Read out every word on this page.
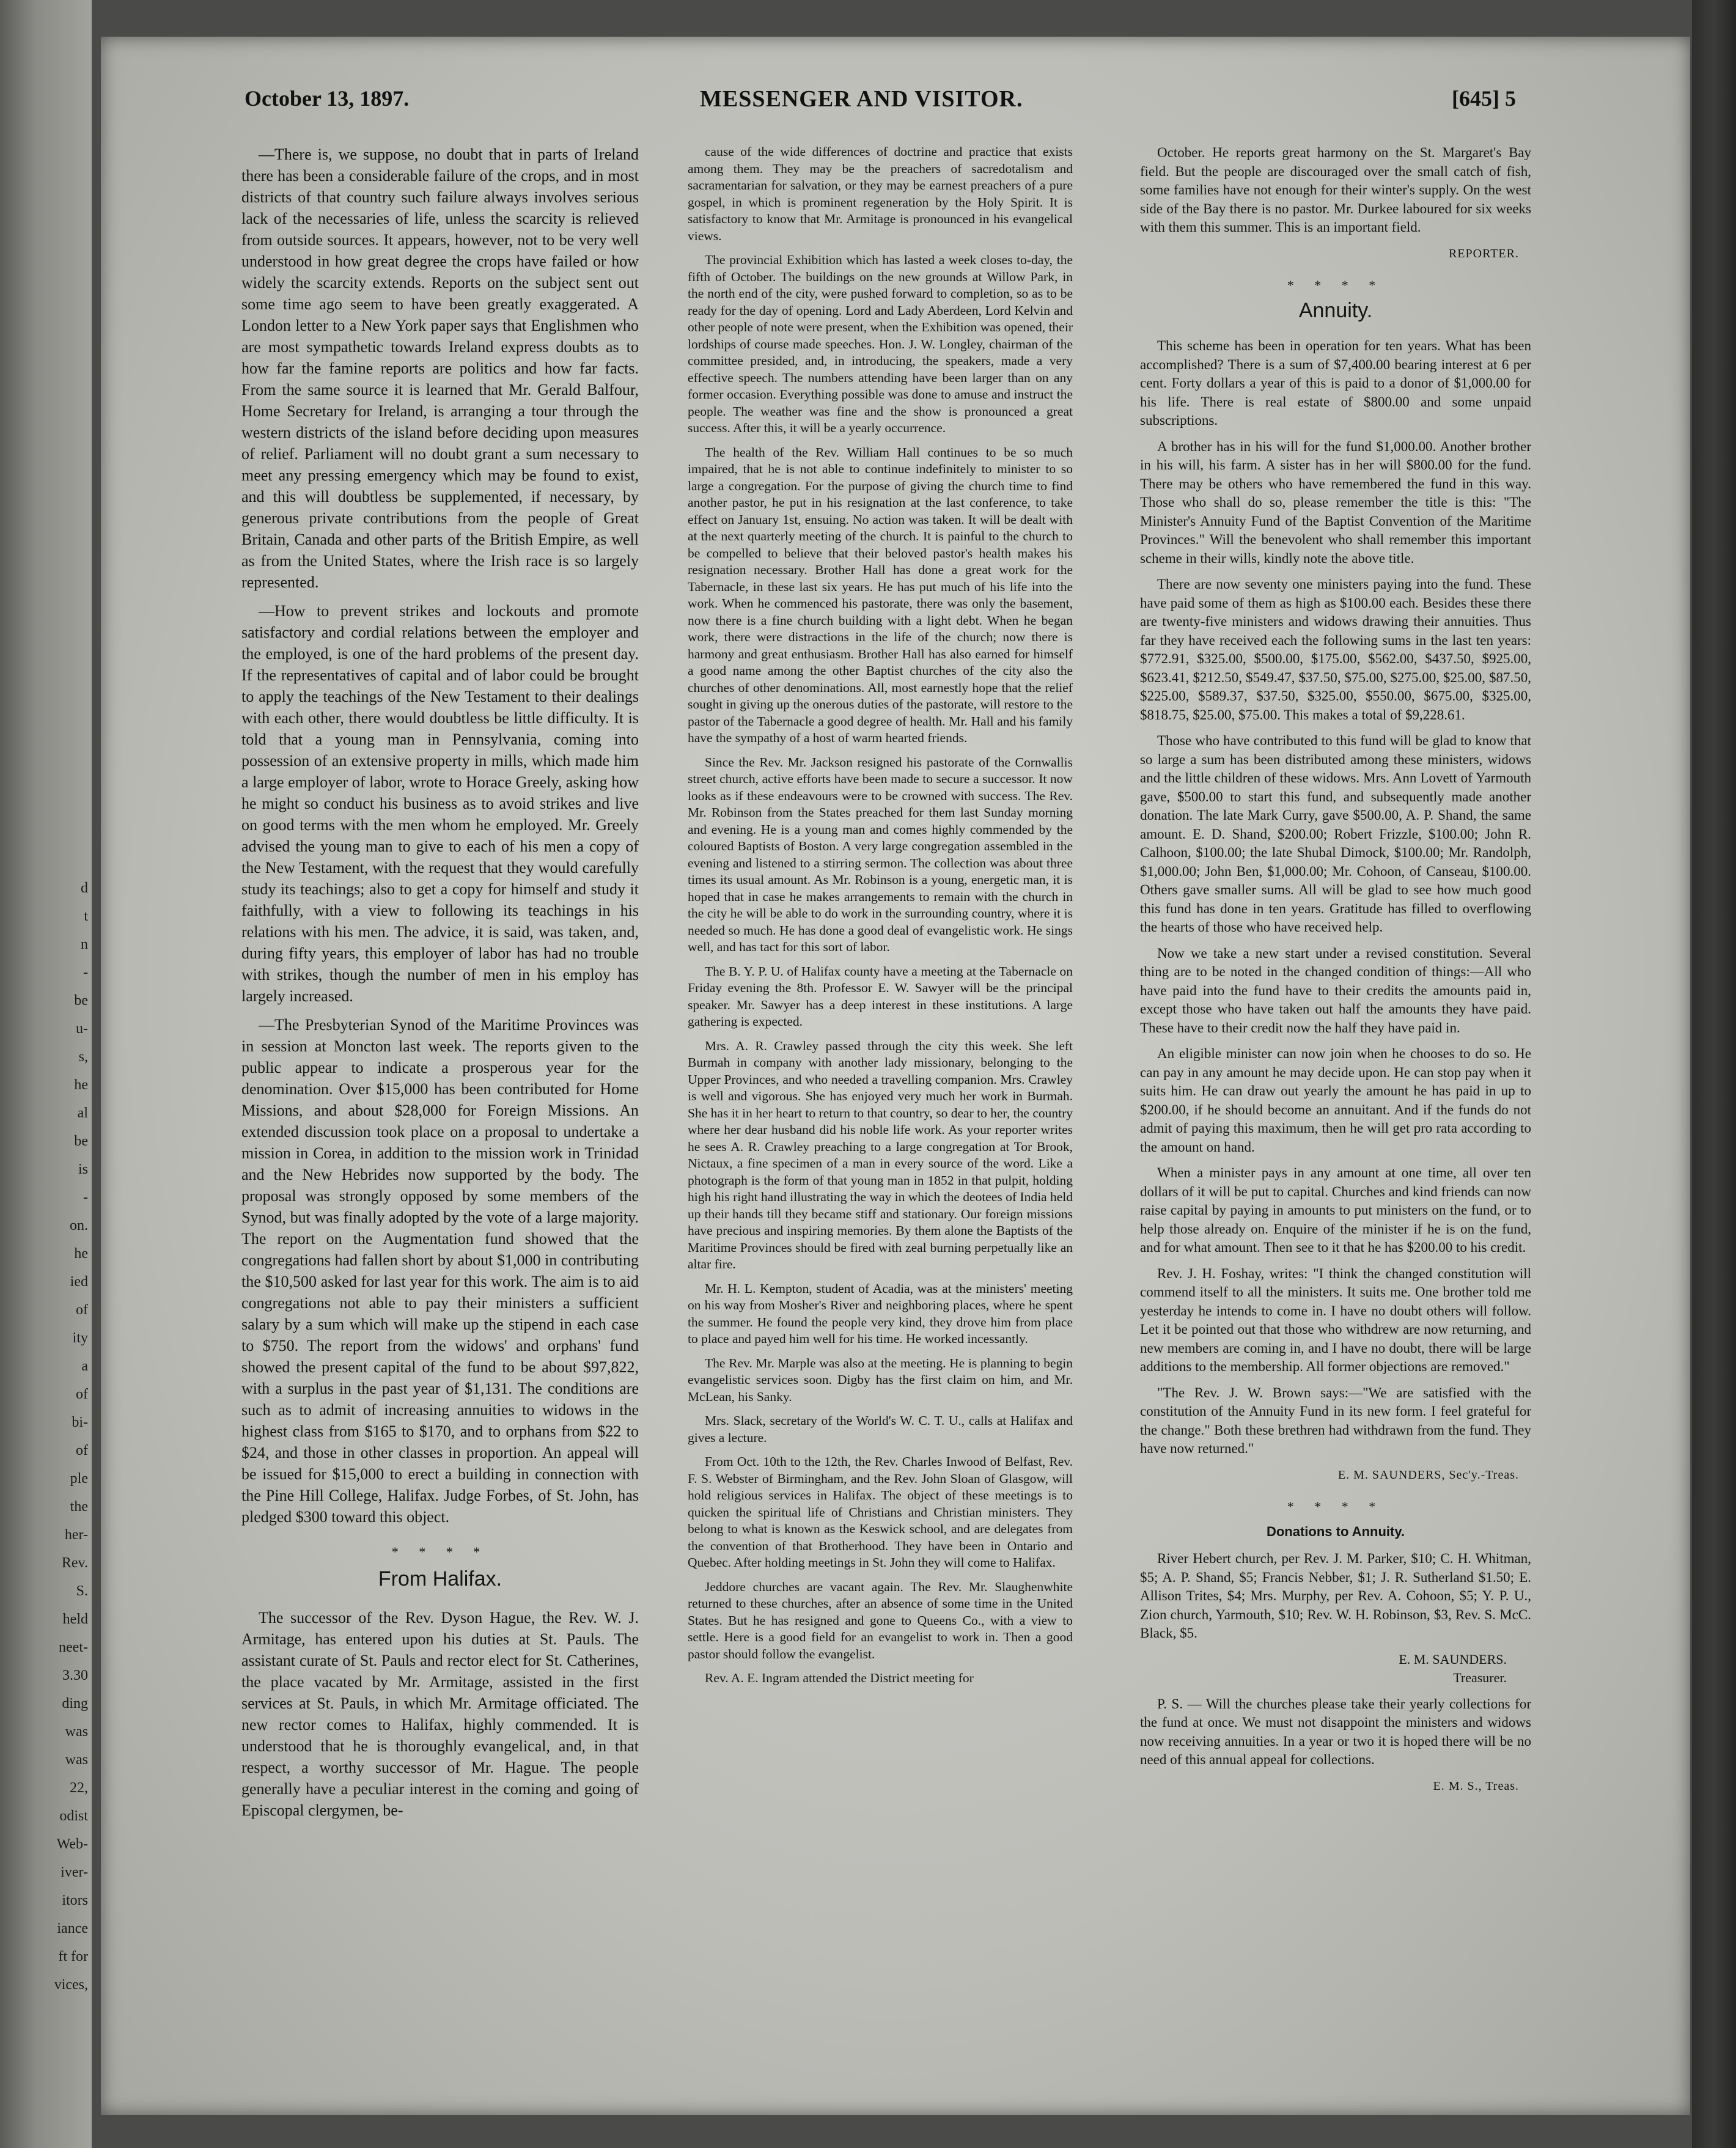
d
t
n
-
be
u-
s,
he
al
be
is
-
on.
he
ied
of
ity
a
of
bi-
of
ple
the
her-
Rev.
S.
held
neet-
3.30
ding
was
was
22,
odist
Web-
iver-
itors
iance
ft for
vices,
October 13, 1897.	MESSENGER AND VISITOR.	[645] 5

—There is, we suppose, no doubt that in parts of Ireland there has been a considerable failure of the crops, and in most districts of that country such failure always involves serious lack of the necessaries of life, unless the scarcity is relieved from outside sources. It appears, however, not to be very well understood in how great degree the crops have failed or how widely the scarcity extends. Reports on the subject sent out some time ago seem to have been greatly exaggerated. A London letter to a New York paper says that Englishmen who are most sympathetic towards Ireland express doubts as to how far the famine reports are politics and how far facts. From the same source it is learned that Mr. Gerald Balfour, Home Secretary for Ireland, is arranging a tour through the western districts of the island before deciding upon measures of relief. Parliament will no doubt grant a sum necessary to meet any pressing emergency which may be found to exist, and this will doubtless be supplemented, if necessary, by generous private contributions from the people of Great Britain, Canada and other parts of the British Empire, as well as from the United States, where the Irish race is so largely represented.

—How to prevent strikes and lockouts and promote satisfactory and cordial relations between the employer and the employed, is one of the hard problems of the present day. If the representatives of capital and of labor could be brought to apply the teachings of the New Testament to their dealings with each other, there would doubtless be little difficulty. It is told that a young man in Pennsylvania, coming into possession of an extensive property in mills, which made him a large employer of labor, wrote to Horace Greely, asking how he might so conduct his business as to avoid strikes and live on good terms with the men whom he employed. Mr. Greely advised the young man to give to each of his men a copy of the New Testament, with the request that they would carefully study its teachings; also to get a copy for himself and study it faithfully, with a view to following its teachings in his relations with his men. The advice, it is said, was taken, and, during fifty years, this employer of labor has had no trouble with strikes, though the number of men in his employ has largely increased.

—The Presbyterian Synod of the Maritime Provinces was in session at Moncton last week. The reports given to the public appear to indicate a prosperous year for the denomination. Over $15,000 has been contributed for Home Missions, and about $28,000 for Foreign Missions. An extended discussion took place on a proposal to undertake a mission in Corea, in addition to the mission work in Trinidad and the New Hebrides now supported by the body. The proposal was strongly opposed by some members of the Synod, but was finally adopted by the vote of a large majority. The report on the Augmentation fund showed that the congregations had fallen short by about $1,000 in contributing the $10,500 asked for last year for this work. The aim is to aid congregations not able to pay their ministers a sufficient salary by a sum which will make up the stipend in each case to $750. The report from the widows' and orphans' fund showed the present capital of the fund to be about $97,822, with a surplus in the past year of $1,131. The conditions are such as to admit of increasing annuities to widows in the highest class from $165 to $170, and to orphans from $22 to $24, and those in other classes in proportion. An appeal will be issued for $15,000 to erect a building in connection with the Pine Hill College, Halifax. Judge Forbes, of St. John, has pledged $300 toward this object.

* * * *
From Halifax.

The successor of the Rev. Dyson Hague, the Rev. W. J. Armitage, has entered upon his duties at St. Pauls. The assistant curate of St. Pauls and rector elect for St. Catherines, the place vacated by Mr. Armitage, assisted in the first services at St. Pauls, in which Mr. Armitage officiated. The new rector comes to Halifax, highly commended. It is understood that he is thoroughly evangelical, and, in that respect, a worthy successor of Mr. Hague. The people generally have a peculiar interest in the coming and going of Episcopal clergymen, be-

cause of the wide differences of doctrine and practice that exists among them. They may be the preachers of sacredotalism and sacramentarian for salvation, or they may be earnest preachers of a pure gospel, in which is prominent regeneration by the Holy Spirit. It is satisfactory to know that Mr. Armitage is pronounced in his evangelical views.

The provincial Exhibition which has lasted a week closes to-day, the fifth of October. The buildings on the new grounds at Willow Park, in the north end of the city, were pushed forward to completion, so as to be ready for the day of opening. Lord and Lady Aberdeen, Lord Kelvin and other people of note were present, when the Exhibition was opened, their lordships of course made speeches. Hon. J. W. Longley, chairman of the committee presided, and, in introducing, the speakers, made a very effective speech. The numbers attending have been larger than on any former occasion. Everything possible was done to amuse and instruct the people. The weather was fine and the show is pronounced a great success. After this, it will be a yearly occurrence.

The health of the Rev. William Hall continues to be so much impaired, that he is not able to continue indefinitely to minister to so large a congregation. For the purpose of giving the church time to find another pastor, he put in his resignation at the last conference, to take effect on January 1st, ensuing. No action was taken. It will be dealt with at the next quarterly meeting of the church. It is painful to the church to be compelled to believe that their beloved pastor's health makes his resignation necessary. Brother Hall has done a great work for the Tabernacle, in these last six years. He has put much of his life into the work. When he commenced his pastorate, there was only the basement, now there is a fine church building with a light debt. When he began work, there were distractions in the life of the church; now there is harmony and great enthusiasm. Brother Hall has also earned for himself a good name among the other Baptist churches of the city also the churches of other denominations. All, most earnestly hope that the relief sought in giving up the onerous duties of the pastorate, will restore to the pastor of the Tabernacle a good degree of health. Mr. Hall and his family have the sympathy of a host of warm hearted friends.

Since the Rev. Mr. Jackson resigned his pastorate of the Cornwallis street church, active efforts have been made to secure a successor. It now looks as if these endeavours were to be crowned with success. The Rev. Mr. Robinson from the States preached for them last Sunday morning and evening. He is a young man and comes highly commended by the coloured Baptists of Boston. A very large congregation assembled in the evening and listened to a stirring sermon. The collection was about three times its usual amount. As Mr. Robinson is a young, energetic man, it is hoped that in case he makes arrangements to remain with the church in the city he will be able to do work in the surrounding country, where it is needed so much. He has done a good deal of evangelistic work. He sings well, and has tact for this sort of labor.

The B. Y. P. U. of Halifax county have a meeting at the Tabernacle on Friday evening the 8th. Professor E. W. Sawyer will be the principal speaker. Mr. Sawyer has a deep interest in these institutions. A large gathering is expected.

Mrs. A. R. Crawley passed through the city this week. She left Burmah in company with another lady missionary, belonging to the Upper Provinces, and who needed a travelling companion. Mrs. Crawley is well and vigorous. She has enjoyed very much her work in Burmah. She has it in her heart to return to that country, so dear to her, the country where her dear husband did his noble life work. As your reporter writes he sees A. R. Crawley preaching to a large congregation at Tor Brook, Nictaux, a fine specimen of a man in every source of the word. Like a photograph is the form of that young man in 1852 in that pulpit, holding high his right hand illustrating the way in which the deotees of India held up their hands till they became stiff and stationary. Our foreign missions have precious and inspiring memories. By them alone the Baptists of the Maritime Provinces should be fired with zeal burning perpetually like an altar fire.

Mr. H. L. Kempton, student of Acadia, was at the ministers' meeting on his way from Mosher's River and neighboring places, where he spent the summer. He found the people very kind, they drove him from place to place and payed him well for his time. He worked incessantly.

The Rev. Mr. Marple was also at the meeting. He is planning to begin evangelistic services soon. Digby has the first claim on him, and Mr. McLean, his Sanky.

Mrs. Slack, secretary of the World's W. C. T. U., calls at Halifax and gives a lecture.

From Oct. 10th to the 12th, the Rev. Charles Inwood of Belfast, Rev. F. S. Webster of Birmingham, and the Rev. John Sloan of Glasgow, will hold religious services in Halifax. The object of these meetings is to quicken the spiritual life of Christians and Christian ministers. They belong to what is known as the Keswick school, and are delegates from the convention of that Brotherhood. They have been in Ontario and Quebec. After holding meetings in St. John they will come to Halifax.

Jeddore churches are vacant again. The Rev. Mr. Slaughenwhite returned to these churches, after an absence of some time in the United States. But he has resigned and gone to Queens Co., with a view to settle. Here is a good field for an evangelist to work in. Then a good pastor should follow the evangelist.

Rev. A. E. Ingram attended the District meeting for

October. He reports great harmony on the St. Margaret's Bay field. But the people are discouraged over the small catch of fish, some families have not enough for their winter's supply. On the west side of the Bay there is no pastor. Mr. Durkee laboured for six weeks with them this summer. This is an important field.

REPORTER.
* * * *
Annuity.

This scheme has been in operation for ten years. What has been accomplished? There is a sum of $7,400.00 bearing interest at 6 per cent. Forty dollars a year of this is paid to a donor of $1,000.00 for his life. There is real estate of $800.00 and some unpaid subscriptions.

A brother has in his will for the fund $1,000.00. Another brother in his will, his farm. A sister has in her will $800.00 for the fund. There may be others who have remembered the fund in this way. Those who shall do so, please remember the title is this: "The Minister's Annuity Fund of the Baptist Convention of the Maritime Provinces." Will the benevolent who shall remember this important scheme in their wills, kindly note the above title.

There are now seventy one ministers paying into the fund. These have paid some of them as high as $100.00 each. Besides these there are twenty-five ministers and widows drawing their annuities. Thus far they have received each the following sums in the last ten years: $772.91, $325.00, $500.00, $175.00, $562.00, $437.50, $925.00, $623.41, $212.50, $549.47, $37.50, $75.00, $275.00, $25.00, $87.50, $225.00, $589.37, $37.50, $325.00, $550.00, $675.00, $325.00, $818.75, $25.00, $75.00. This makes a total of $9,228.61.

Those who have contributed to this fund will be glad to know that so large a sum has been distributed among these ministers, widows and the little children of these widows. Mrs. Ann Lovett of Yarmouth gave, $500.00 to start this fund, and subsequently made another donation. The late Mark Curry, gave $500.00, A. P. Shand, the same amount. E. D. Shand, $200.00; Robert Frizzle, $100.00; John R. Calhoon, $100.00; the late Shubal Dimock, $100.00; Mr. Randolph, $1,000.00; John Ben, $1,000.00; Mr. Cohoon, of Canseau, $100.00. Others gave smaller sums. All will be glad to see how much good this fund has done in ten years. Gratitude has filled to overflowing the hearts of those who have received help.

Now we take a new start under a revised constitution. Several thing are to be noted in the changed condition of things:—All who have paid into the fund have to their credits the amounts paid in, except those who have taken out half the amounts they have paid. These have to their credit now the half they have paid in.

An eligible minister can now join when he chooses to do so. He can pay in any amount he may decide upon. He can stop pay when it suits him. He can draw out yearly the amount he has paid in up to $200.00, if he should become an annuitant. And if the funds do not admit of paying this maximum, then he will get pro rata according to the amount on hand.

When a minister pays in any amount at one time, all over ten dollars of it will be put to capital. Churches and kind friends can now raise capital by paying in amounts to put ministers on the fund, or to help those already on. Enquire of the minister if he is on the fund, and for what amount. Then see to it that he has $200.00 to his credit.

Rev. J. H. Foshay, writes: "I think the changed constitution will commend itself to all the ministers. It suits me. One brother told me yesterday he intends to come in. I have no doubt others will follow. Let it be pointed out that those who withdrew are now returning, and new members are coming in, and I have no doubt, there will be large additions to the membership. All former objections are removed."

"The Rev. J. W. Brown says:—"We are satisfied with the constitution of the Annuity Fund in its new form. I feel grateful for the change." Both these brethren had withdrawn from the fund. They have now returned."

E. M. SAUNDERS, Sec'y.-Treas.
* * * *
Donations to Annuity.

River Hebert church, per Rev. J. M. Parker, $10; C. H. Whitman, $5; A. P. Shand, $5; Francis Nebber, $1; J. R. Sutherland $1.50; E. Allison Trites, $4; Mrs. Murphy, per Rev. A. Cohoon, $5; Y. P. U., Zion church, Yarmouth, $10; Rev. W. H. Robinson, $3, Rev. S. McC. Black, $5.

E. M. SAUNDERS.
Treasurer.

P. S. — Will the churches please take their yearly collections for the fund at once. We must not disappoint the ministers and widows now receiving annuities. In a year or two it is hoped there will be no need of this annual appeal for collections.

E. M. S., Treas.
